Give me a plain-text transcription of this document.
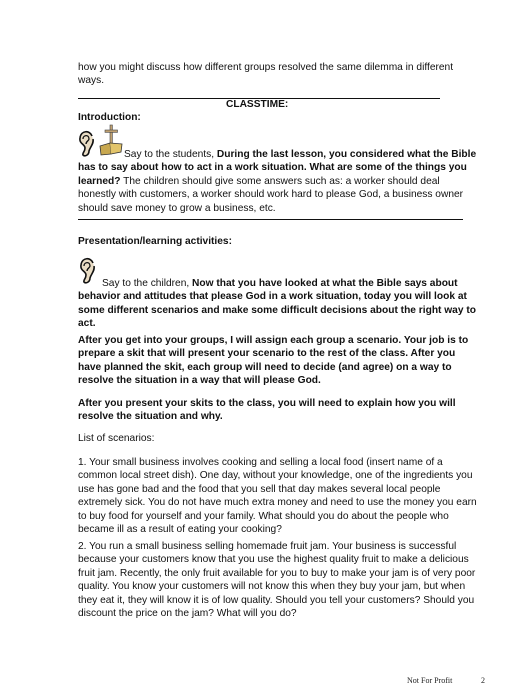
how you might discuss how different groups resolved the same dilemma in different ways.

CLASSTIME:
Introduction:

Say to the students, During the last lesson, you considered what the Bible has to say about how to act in a work situation. What are some of the things you learned? The children should give some answers such as: a worker should deal honestly with customers, a worker should work hard to please God, a business owner should save money to grow a business, etc.

Presentation/learning activities:

Say to the children, Now that you have looked at what the Bible says about behavior and attitudes that please God in a work situation, today you will look at some different scenarios and make some difficult decisions about the right way to act.

After you get into your groups, I will assign each group a scenario. Your job is to prepare a skit that will present your scenario to the rest of the class. After you have planned the skit, each group will need to decide (and agree) on a way to resolve the situation in a way that will please God.

After you present your skits to the class, you will need to explain how you will resolve the situation and why.

List of scenarios:

1. Your small business involves cooking and selling a local food (insert name of a common local street dish). One day, without your knowledge, one of the ingredients you use has gone bad and the food that you sell that day makes several local people extremely sick. You do not have much extra money and need to use the money you earn to buy food for yourself and your family. What should you do about the people who became ill as a result of eating your cooking?

2. You run a small business selling homemade fruit jam. Your business is successful because your customers know that you use the highest quality fruit to make a delicious fruit jam. Recently, the only fruit available for you to buy to make your jam is of very poor quality. You know your customers will not know this when they buy your jam, but when they eat it, they will know it is of low quality. Should you tell your customers? Should you discount the price on the jam? What will you do?

Not For Profit	2
